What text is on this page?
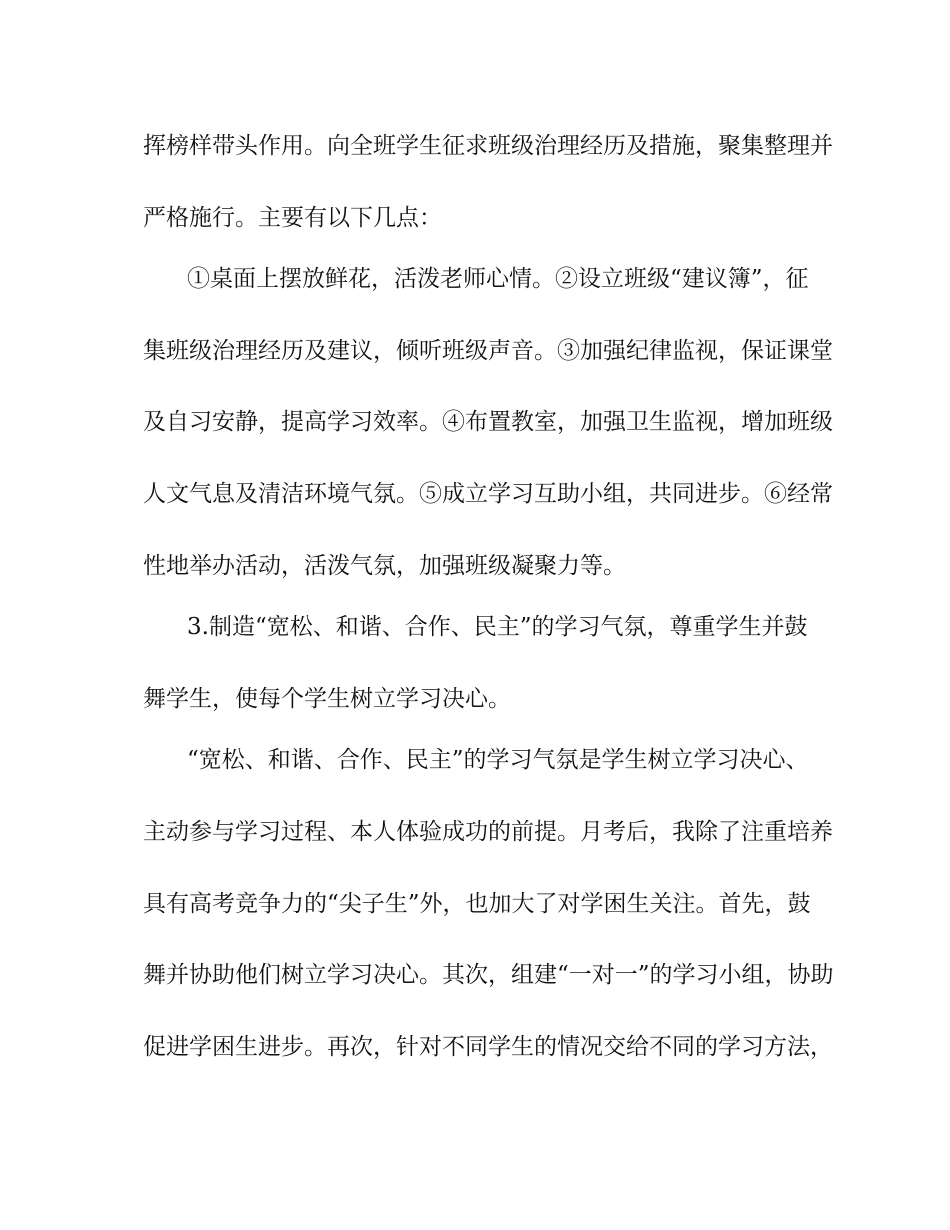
挥榜样带头作用。向全班学生征求班级治理经历及措施，聚集整理并
严格施行。主要有以下几点：
①桌面上摆放鲜花，活泼老师心情。②设立班级“建议簿”，征
集班级治理经历及建议，倾听班级声音。③加强纪律监视，保证课堂
及自习安静，提高学习效率。④布置教室，加强卫生监视，增加班级
人文气息及清洁环境气氛。⑤成立学习互助小组，共同进步。⑥经常
性地举办活动，活泼气氛，加强班级凝聚力等。
3.制造“宽松、和谐、合作、民主”的学习气氛，尊重学生并鼓
舞学生，使每个学生树立学习决心。
“宽松、和谐、合作、民主”的学习气氛是学生树立学习决心、
主动参与学习过程、本人体验成功的前提。月考后，我除了注重培养
具有高考竞争力的“尖子生”外，也加大了对学困生关注。首先，鼓
舞并协助他们树立学习决心。其次，组建“一对一”的学习小组，协助
促进学困生进步。再次，针对不同学生的情况交给不同的学习方法，
